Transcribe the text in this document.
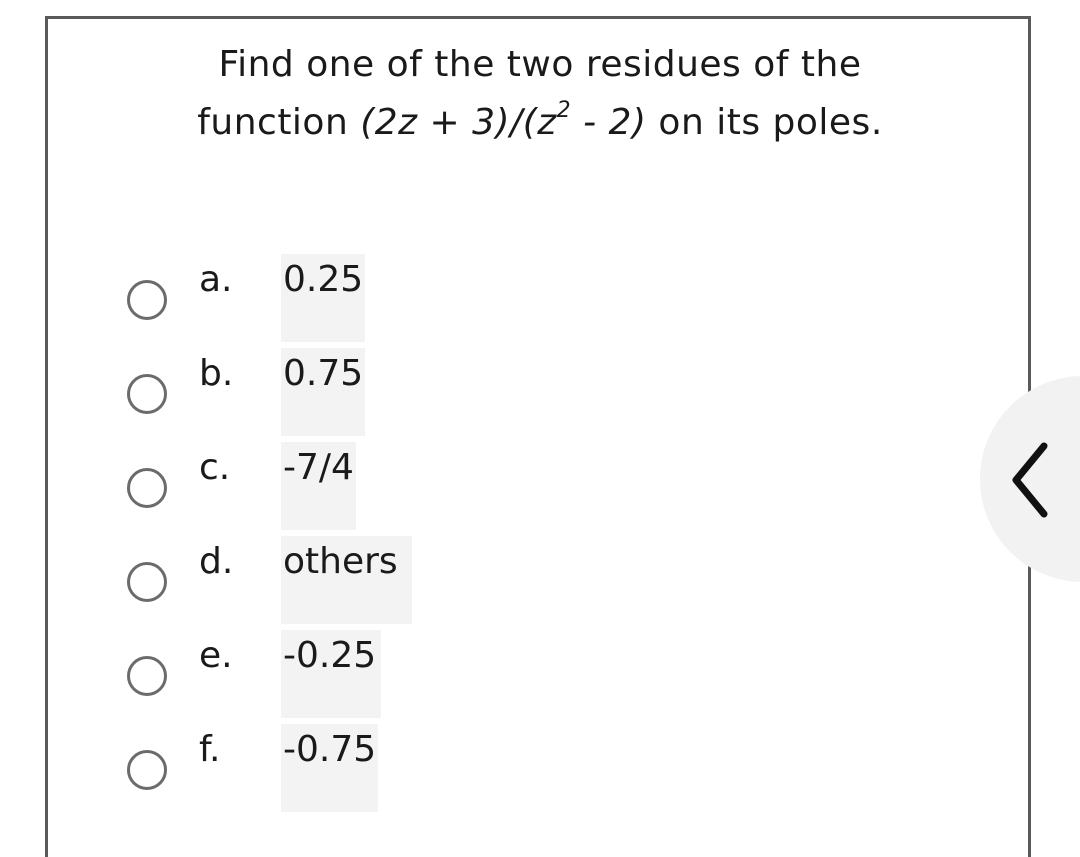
Find one of the two residues of the
function $(2z + 3)/(z^2 - 2)$ on its poles.
a. 0.25
b. 0.75
c. -7/4
d. others
e. -0.25
f. -0.75
